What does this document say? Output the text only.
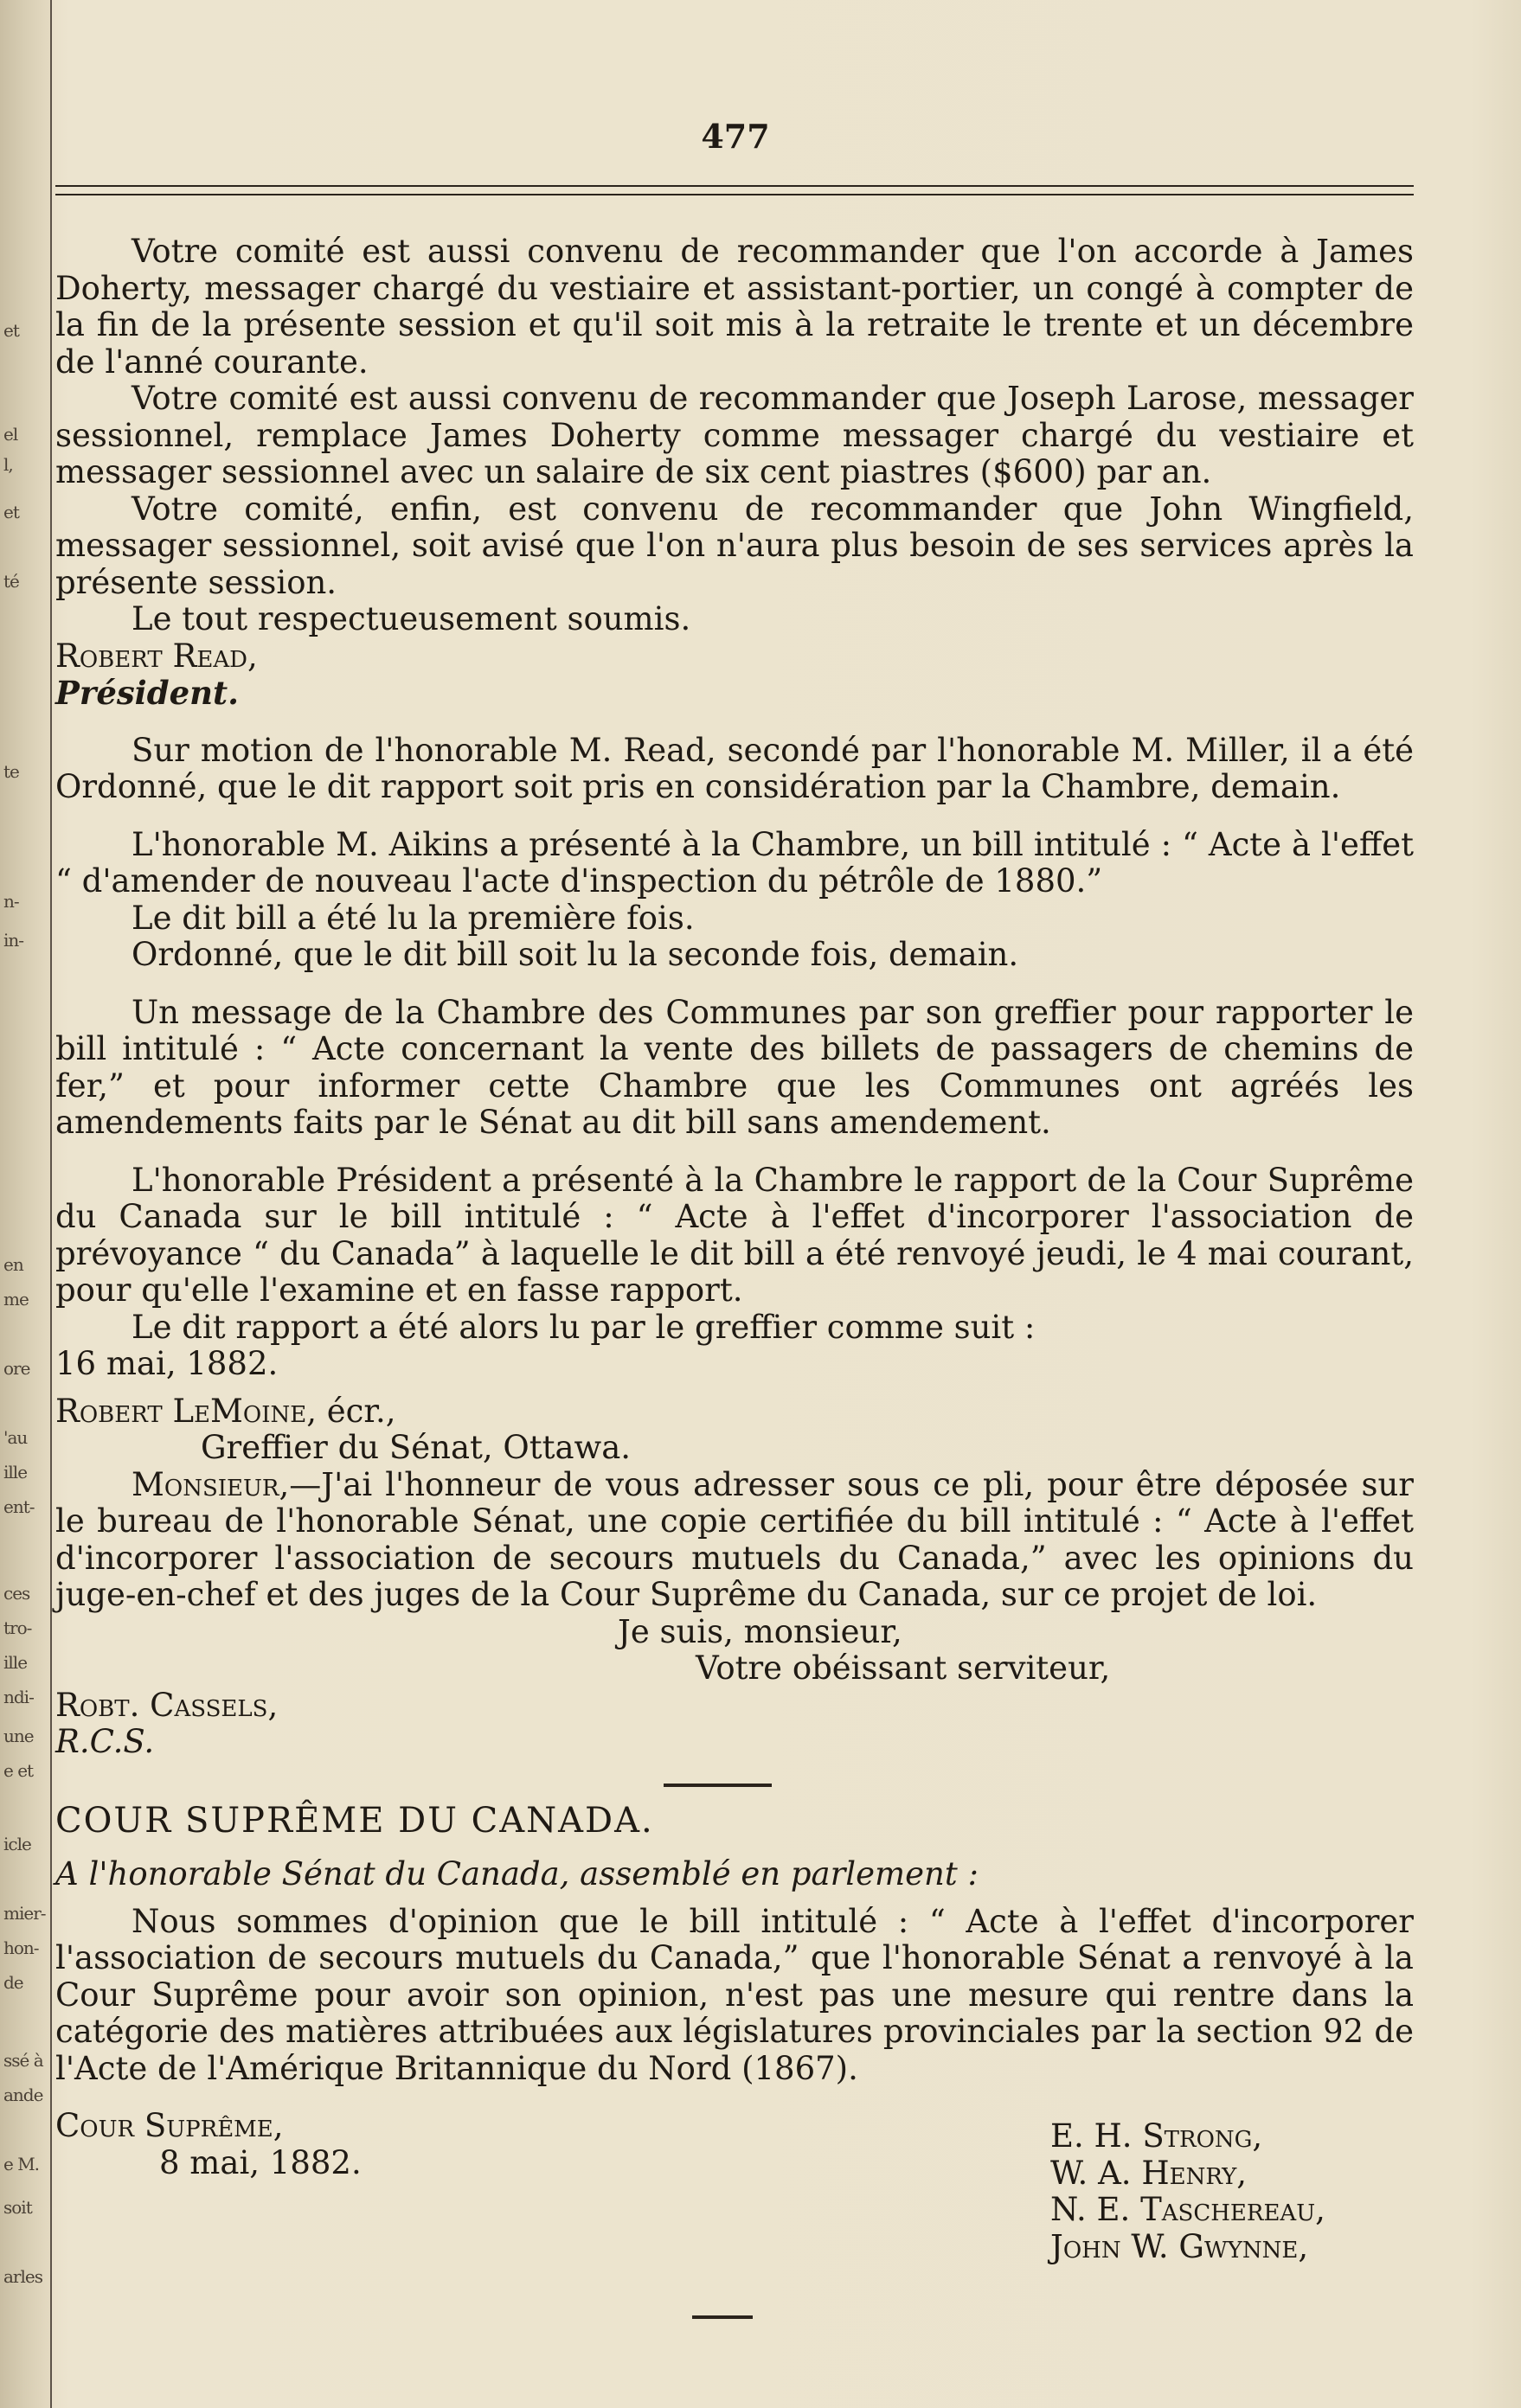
et
el
l,
et
té
te
n-
in-
en
me
ore
'au
ille
ent-
ces
tro-
ille
ndi-
une
e et
icle
mier-
hon-
de
ssé à
ande
e M.
soit
arles
477

Votre comité est aussi convenu de recommander que l'on accorde à James Doherty, messager chargé du vestiaire et assistant-portier, un congé à compter de la fin de la présente session et qu'il soit mis à la retraite le trente et un décembre de l'anné courante.

Votre comité est aussi convenu de recommander que Joseph Larose, messager sessionnel, remplace James Doherty comme messager chargé du vestiaire et messager sessionnel avec un salaire de six cent piastres ($600) par an.

Votre comité, enfin, est convenu de recommander que John Wingfield, messager sessionnel, soit avisé que l'on n'aura plus besoin de ses services après la présente session.

Le tout respectueusement soumis.

Robert Read,

Président.

Sur motion de l'honorable M. Read, secondé par l'honorable M. Miller, il a été Ordonné, que le dit rapport soit pris en considération par la Chambre, demain.

L'honorable M. Aikins a présenté à la Chambre, un bill intitulé : “ Acte à l'effet “ d'amender de nouveau l'acte d'inspection du pétrôle de 1880.”

Le dit bill a été lu la première fois.

Ordonné, que le dit bill soit lu la seconde fois, demain.

Un message de la Chambre des Communes par son greffier pour rapporter le bill intitulé : “ Acte concernant la vente des billets de passagers de chemins de fer,” et pour informer cette Chambre que les Communes ont agréés les amendements faits par le Sénat au dit bill sans amendement.

L'honorable Président a présenté à la Chambre le rapport de la Cour Suprême du Canada sur le bill intitulé : “ Acte à l'effet d'incorporer l'association de prévoyance “ du Canada” à laquelle le dit bill a été renvoyé jeudi, le 4 mai courant, pour qu'elle l'examine et en fasse rapport.

Le dit rapport a été alors lu par le greffier comme suit :

16 mai, 1882.

Robert LeMoine, écr.,

Greffier du Sénat, Ottawa.

Monsieur,—J'ai l'honneur de vous adresser sous ce pli, pour être déposée sur le bureau de l'honorable Sénat, une copie certifiée du bill intitulé : “ Acte à l'effet d'incorporer l'association de secours mutuels du Canada,” avec les opinions du juge-en-chef et des juges de la Cour Suprême du Canada, sur ce projet de loi.

Je suis, monsieur,

Votre obéissant serviteur,

Robt. Cassels,

R.C.S.

COUR SUPRÊME DU CANADA.

A l'honorable Sénat du Canada, assemblé en parlement :

Nous sommes d'opinion que le bill intitulé : “ Acte à l'effet d'incorporer l'association de secours mutuels du Canada,” que l'honorable Sénat a renvoyé à la Cour Suprême pour avoir son opinion, n'est pas une mesure qui rentre dans la catégorie des matières attribuées aux législatures provinciales par la section 92 de l'Acte de l'Amérique Britannique du Nord (1867).

Cour Suprême,

8 mai, 1882.

E. H. Strong,

W. A. Henry,

N. E. Taschereau,

John W. Gwynne,
